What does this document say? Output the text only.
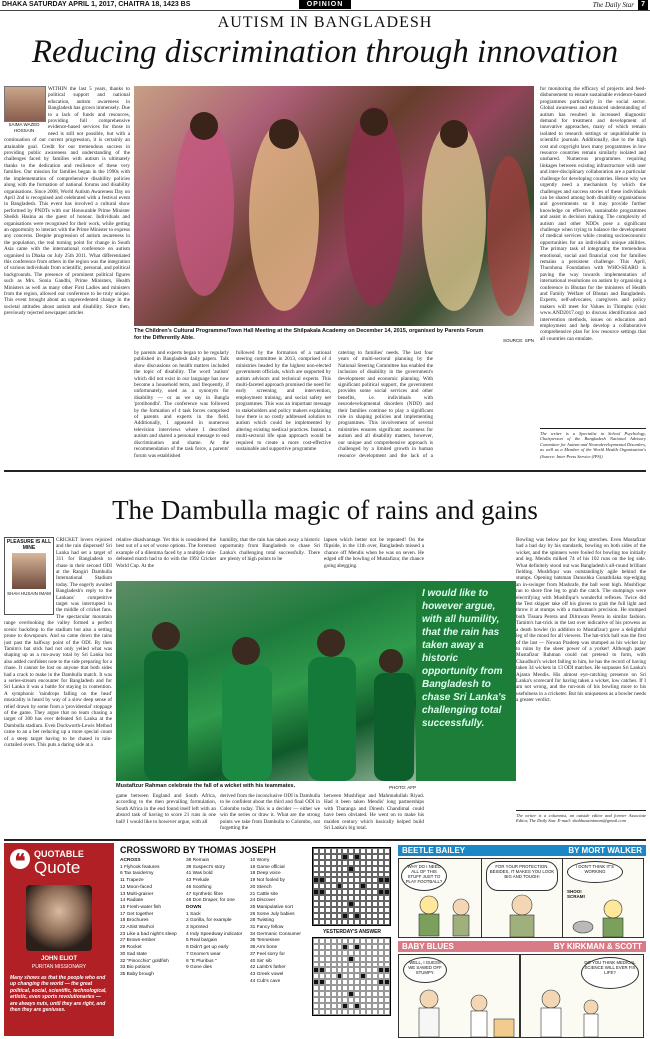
DHAKA SATURDAY APRIL 1, 2017, CHAITRA 18, 1423 BS	OPINION	The Daily Star	7
AUTISM IN BANGLADESH
Reducing discrimination through innovation
SAIMA WAZED HOSSAIN
WITHIN the last 5 years, thanks to political support and national education, autism awareness in Bangladesh has grown immensely. Due to a lack of funds and resources, providing full comprehensive evidence-based services for those in need is still not possible, but with a continuation of our current progression, it is certainly an attainable goal. Credit for our tremendous success in providing public awareness and understanding of the challenges faced by families with autism is ultimately thanks to the dedication and resilience of these very families. Our mission for families began in the 1990s with the implementation of comprehensive disability policies along with the formation of national forums and disability organisations. Since 2008, World Autism Awareness Day on April 2nd is recognised and celebrated with a festival event in Bangladesh. This event has involved a cultural show performed by PNDTs with our Honourable Prime Minister Sheikh Hasina as the guest of honour. Individuals and organisations were recognised for their work, while getting an opportunity to interact with the Prime Minister to express any concerns. Despite progression of autism awareness in the population, the real turning point for change in South Asia came with the international conference on autism organised in Dhaka on July 25th 2011. What differentiated this conference from others in the region was the integration of various individuals from scientific, personal, and political backgrounds. The presence of prominent political figures such as Mrs. Sonia Gandhi, Prime Ministers, Health Ministers as well as many other First Ladies and ministers from the region, allowed our conference to be truly unique. This event brought about an unprecedented change in the societal attitudes about autism and disability. Since then, previously rejected newspaper articles
The Children's Cultural Programme/Town Hall Meeting at the Shilpakala Academy on December 14, 2015, organised by Parents Forum for the Differently Able.	SOURCE: SPN
by parents and experts began to be regularly published in Bangladesh daily papers. Talk show discussions on health matters included the topic of disability. The word 'autism' which did not exist in our language has now become a household term, and frequently, if unfortunately, used as a synonym for disability — or as we say in Bangla 'protibondhi'. The conference was followed by the formation of 4 task forces comprised of parents and experts in the field. Additionally, I appeared in numerous television interviews where I described autism and shared a personal message to end discrimination and shame. At the recommendation of the task force, a parents' forum was established
followed by the formation of a national steering committee in 2013, comprised of 4 ministries headed by the highest non-elected government officials, which are supported by autism advisors and technical experts. This multi-faceted approach promised the need for early screening and intervention, employment training, and social safety net programmes. This was an important message to stakeholders and policy makers explaining how there is no costly addressed solution to autism which could be implemented by altering existing medical practices. Instead, a multi-sectoral life span approach would be required to create a more cost-effective sustainable and supportive programme
catering to families' needs. The last four years of multi-sectoral planning by the National Steering Committee has enabled the inclusion of disability in the government's development and economic planning. With significant political support, the government provides some social services and other benefits, i.e. individuals with neurodevelopmental disorders (NDD) and their families continue to play a significant role in shaping policies and implementing programmes. This involvement of several ministries ensures significant awareness for autism and all disability matters, however, our unique and comprehensive approach is challenged by a limited growth in human resource development and the lack of a
for monitoring the efficacy of projects and feed-disbursement to ensure sustainable evidence-based programmes particularly in the social sector. Global awareness and enhanced understanding of autism has resulted in increased diagnostic demand for treatment and development of innovative approaches, many of which remain isolated to research settings or unpublishable in scientific journals. Additionally, due to the high cost and copyright laws many programmes in low resource countries remain similarly isolated and unshared. Numerous programmes requiring linkages between existing infrastructure with user and inter-disciplinary collaboration are a particular challenge for developing countries. Hence why we urgently need a mechanism by which the challenges and success stories of these individuals can be shared among both disability organisations and governments so it may provide further knowledge on effective, sustainable programmes and assist in decision making. The complexity of autism and other NDDs pose a significant challenge when trying to balance the development of medical services while creating socioeconomic opportunities for an individual's unique abilities. The primary task of integrating the tremendous emotional, social and financial cost for families remains a persistent challenge. This April, Thurshona Foundation with WHO-SEARO is paving the way towards implementation of international resolutions on autism by organising a conference in Bhutan for the ministers of Health and Family Welfare of Bhutan and Bangladesh. Experts, self-advocates, caregivers and policy makers will meet for Values in Thimphu (visit www.AND2017.org) to discuss identification and intervention methods, issues on education and employment and help develop a collaborative comprehensive plan for low resource settings that all countries can emulate.
The writer is a Specialist in School Psychology, Chairperson of the Bangladesh National Advisory Committee for Autism and Neurodevelopmental Disorders, as well as a Member of the World Health Organisation's
(Source: Inter Press Service (IPS))
The Dambulla magic of rains and gains
PLEASURE IS ALL MINE
SHAH HUSAIN IMAM
CRICKET lovers rejoiced and the rain dispersed! Sri Lanka had set a target of 311 for Bangladesh to chase in their second ODI at the Rangiri Dambulla International Stadium today. The eagerly awaited Bangladesh's reply to the Lankans' competitive target was interrupted in the middle of cricket fans. The spectacular mountain range overlooking the valley formed a perfect scenic backdrop to the stadium but also a setting prone to downpours. And so came down the rains just past the halfway point of the ODI. By then Tamim's bat stick had not only yelled what was shaping up as a run-away total by Sri Lanka but also added confident note to the side preparing for a chase. It cannot be lost on anyone that both sides had a crack to make in the Dambulla match. It was a series-stream encounter for Bangladesh and for Sri Lanka it was a battle for staying in contention. A symphonic 'raindrops falling on the head' musicality is heard by way of a slow deep sense of relief drawn by some from a 'providential' stoppage of the game. They argue that no team chasing a target of 300 has ever defeated Sri Lanka at the Dambulla stadium. Even Duckworth-Lewis Method came to an a bet reducing up a more special count of a steep target having to be chased in rain-curtailed overs. This puts a daring side at a
relative disadvantage. Yet this is considered the best out of a set of worse options. The foremost example of a dilemma faced by a multiple rain-defeated match had to do with the 1992 Cricket World Cup. At the
humility, that the rain has taken away a historic opportunity from Bangladesh to chase Sri Lanka's challenging total successfully. There are plenty of high points to be
lapsen which better not be repeated! On the flipside, in the 11th over, Bangladesh missed a chance off Mendis when he was on seven. He edged off the bowling of Mustafizur, the chance going abegging.
I would like to however argue, with all humility, that the rain has taken away a historic opportunity from Bangladesh to chase Sri Lanka's challenging total successfully.
Mustafizur Rahman celebrate the fall of a wicket with his teammates.	PHOTO: AFP
game between England and South Africa, according to the then prevailing formulation, South Africa in the end found itself left with an absurd task of having to score 21 runs in one ball! I would like to however argue, with all
derived from the inconclusive ODI in Dambulla to be confident about the third and final ODI in Colombo today. This is a decider — either we win the series or draw it. What are the strong points we take from Dambulla to Colombo, not forgetting the
between Mushfiqur and Mahmudullah Riyad. Had it been taken Mendis' long partnerships with Tharanga and Dinesh Chandimal could have been obviated. He went on to make his maiden century which basically helped build Sri Lanka's big total.
Bowling was below par for long stretches. Even Mustafizur had a bad day by his standards, bowling on both sides of the wicket, and the spinners were fooled for bowling too initially and leg. Mendis milked 74 of his 102 runs on the leg side. What definitely stood out was Bangladesh's all-round brilliant fielding. Mushfiqur was outstandingly agile behind the stumps. Opening batsman Danushka Gunathilaka top-edging an in-swinger from Mashrafe, the ball went high. Mushfiqur ran to shore fine leg to grab the catch. The stumpings were electrifying with Mushfiqur's wonderful reflexes. Twice did the Test skipper take off his gloves to grab the full light and throw it at stumps with a marksman's precision. He stumped both Tissara Perera and Dilruwan Perera in similar fashion. Tamim's hat-trick in the last over indicative of his prowess as a death bowler (in addition to Mustafizur) gave a delightful leg of the mood for all viewers. The hat-trick ball was the first of the last — Nuwan Pradeep was stumped as his wicket lay to ruins by the sheer power of a yorker! Although paper Mustafizur Rahman could not pretend to form, with Chaudhuri's wicket falling to him, he has the record of having taken 34 wickets in 13 ODI matches. He surpasses Sri Lanka's Ajanta Mendis. His almost eye-catching presence on Sri Lanka's scorecard for having taken a wicket, low catches. If I am not wrong, and the run-outs of his bowling more to his usefulness in a cricketer. But his uniqueness as a bowler needs a greater verdict.
The writer is a columnist, an outside editor and former Associate Editor, The Daily Star. E-mail: shahhusainimam@gmail.com
❝ QUOTABLE
Quote
JOHN ELIOT
PURITAN MISSIONARY
Many shows as that the people who end up changing the world — the great political, social, scientific, technological, artistic, even sports revolutionaries — are always nuts, until they are right, and then they are geniuses.
CROSSWORD BY THOMAS JOSEPH
ACROSS
1 Flyhook features
6 Tax taxidermy
11 Trapeze
12 Moon-faced
13 Multi-grainer
14 Radiate
15 Fresh-water fish
17 Get together
18 Brochures
22 Artist Warhol
23 Like a bad night's sleep
27 Brown-ember
29 Rocket
30 Sad state
32 "Pinocchio" goldfish
33 Bio potions
35 Baby brough
38 Remain
39 Suspect's story
41 Was bold
43 Prelude
46 Soothing
47 Synthetic fibre
48 Don Draper, for one
DOWN
1 Sack
2 Gorilla, for example
3 Sprinted
4 Indy Speedway indicator
5 Real bargain
6 Didn't get up early
7 Gnome's wear
8 "E Pluribus "
9 Gone dies
10 Worry
16 Game official
18 Deep voice
19 Not fooled by
20 Stench
21 Cattle site
24 Discover
25 Manipulative sort
26 Some July babies
28 Twisting
31 Fancy fellow
34 Germanic Consumer
35 Tennessee
36 Arm bone
37 Feel sorry for
40 Sis' sib
42 Lamb's father
43 Greek vowel
44 Cub's cave
YESTERDAY'S ANSWER
BEETLE BAILEY	BY MORT WALKER
WHY DO I NEED ALL OF THIS STUFF JUST TO PLAY FOOTBALL?
FOR YOUR PROTECTION. BESIDES, IT MAKES YOU LOOK BIG AND TOUGH!
I DON'T THINK IT'S WORKING
SHOO! SCRAM!
BABY BLUES	BY KIRKMAN & SCOTT
WELL, I GUESS WE SAWED OFF STUMPY.
DO YOU THINK MEDICAL SCIENCE WILL EVER FIX LIFE?
